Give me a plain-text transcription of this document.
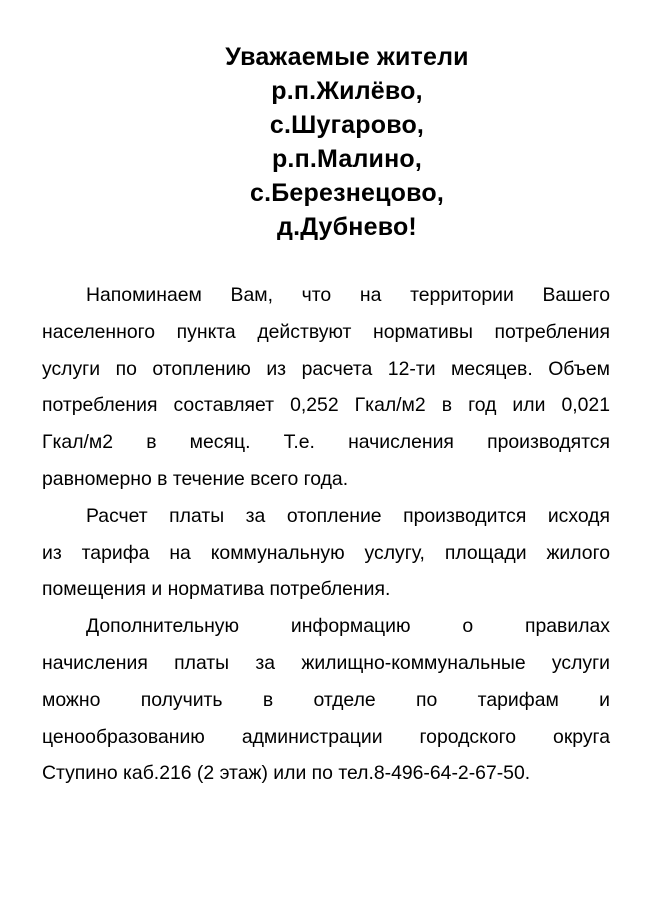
Уважаемые жители
р.п.Жилёво,
с.Шугарово,
р.п.Малино,
с.Березнецово,
д.Дубнево!

Напоминаем Вам, что на территории Вашего
населенного пункта действуют нормативы потребления
услуги по отоплению из расчета 12-ти месяцев. Объем
потребления составляет 0,252 Гкал/м2 в год или 0,021
Гкал/м2 в месяц. Т.е. начисления производятся
равномерно в течение всего года.

Расчет платы за отопление производится исходя
из тарифа на коммунальную услугу, площади жилого
помещения и норматива потребления.

Дополнительную информацию о правилах
начисления платы за жилищно-коммунальные услуги
можно получить в отделе по тарифам и
ценообразованию администрации городского округа
Ступино каб.216 (2 этаж) или по тел.8-496-64-2-67-50.
